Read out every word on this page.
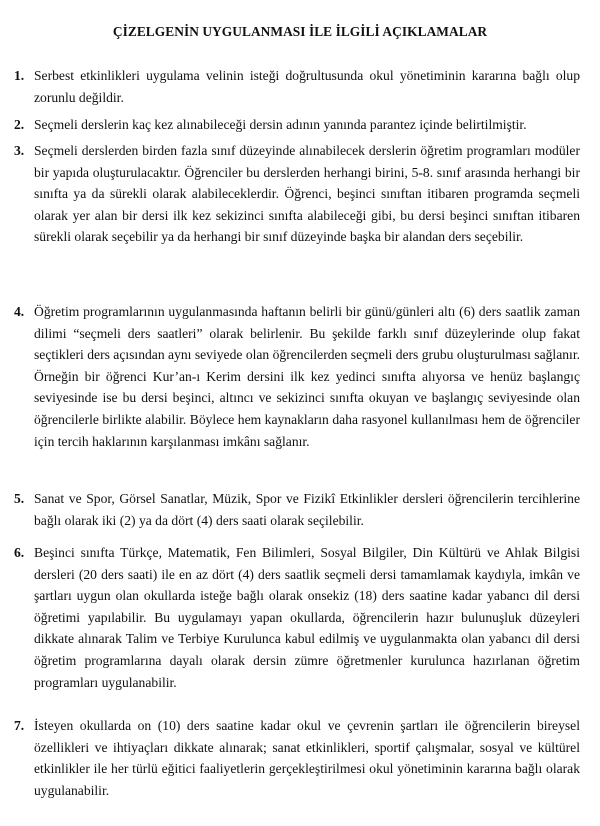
ÇİZELGENİN UYGULANMASI İLE İLGİLİ AÇIKLAMALAR
1. Serbest etkinlikleri uygulama velinin isteği doğrultusunda okul yönetiminin kararına bağlı olup zorunlu değildir.
2. Seçmeli derslerin kaç kez alınabileceği dersin adının yanında parantez içinde belirtilmiştir.
3. Seçmeli derslerden birden fazla sınıf düzeyinde alınabilecek derslerin öğretim programları modüler bir yapıda oluşturulacaktır. Öğrenciler bu derslerden herhangi birini, 5-8. sınıf arasında herhangi bir sınıfta ya da sürekli olarak alabileceklerdir. Öğrenci, beşinci sınıftan itibaren programda seçmeli olarak yer alan bir dersi ilk kez sekizinci sınıfta alabileceği gibi, bu dersi beşinci sınıftan itibaren sürekli olarak seçebilir ya da herhangi bir sınıf düzeyinde başka bir alandan ders seçebilir.
4. Öğretim programlarının uygulanmasında haftanın belirli bir günü/günleri altı (6) ders saatlik zaman dilimi “seçmeli ders saatleri” olarak belirlenir. Bu şekilde farklı sınıf düzeylerinde olup fakat seçtikleri ders açısından aynı seviyede olan öğrencilerden seçmeli ders grubu oluşturulması sağlanır. Örneğin bir öğrenci Kur’an-ı Kerim dersini ilk kez yedinci sınıfta alıyorsa ve henüz başlangıç seviyesinde ise bu dersi beşinci, altıncı ve sekizinci sınıfta okuyan ve başlangıç seviyesinde olan öğrencilerle birlikte alabilir. Böylece hem kaynakların daha rasyonel kullanılması hem de öğrenciler için tercih haklarının karşılanması imkânı sağlanır.
5. Sanat ve Spor, Görsel Sanatlar, Müzik, Spor ve Fizikî Etkinlikler dersleri öğrencilerin tercihlerine bağlı olarak iki (2) ya da dört (4) ders saati olarak seçilebilir.
6. Beşinci sınıfta Türkçe, Matematik, Fen Bilimleri, Sosyal Bilgiler, Din Kültürü ve Ahlak Bilgisi dersleri (20 ders saati) ile en az dört (4) ders saatlik seçmeli dersi tamamlamak kaydıyla, imkân ve şartları uygun olan okullarda isteğe bağlı olarak onsekiz (18) ders saatine kadar yabancı dil dersi öğretimi yapılabilir. Bu uygulamayı yapan okullarda, öğrencilerin hazır bulunuşluk düzeyleri dikkate alınarak Talim ve Terbiye Kurulunca kabul edilmiş ve uygulanmakta olan yabancı dil dersi öğretim programlarına dayalı olarak dersin zümre öğretmenler kurulunca hazırlanan öğretim programları uygulanabilir.
7. İsteyen okullarda on (10) ders saatine kadar okul ve çevrenin şartları ile öğrencilerin bireysel özellikleri ve ihtiyaçları dikkate alınarak; sanat etkinlikleri, sportif çalışmalar, sosyal ve kültürel etkinlikler ile her türlü eğitici faaliyetlerin gerçekleştirilmesi okul yönetiminin kararına bağlı olarak uygulanabilir.
